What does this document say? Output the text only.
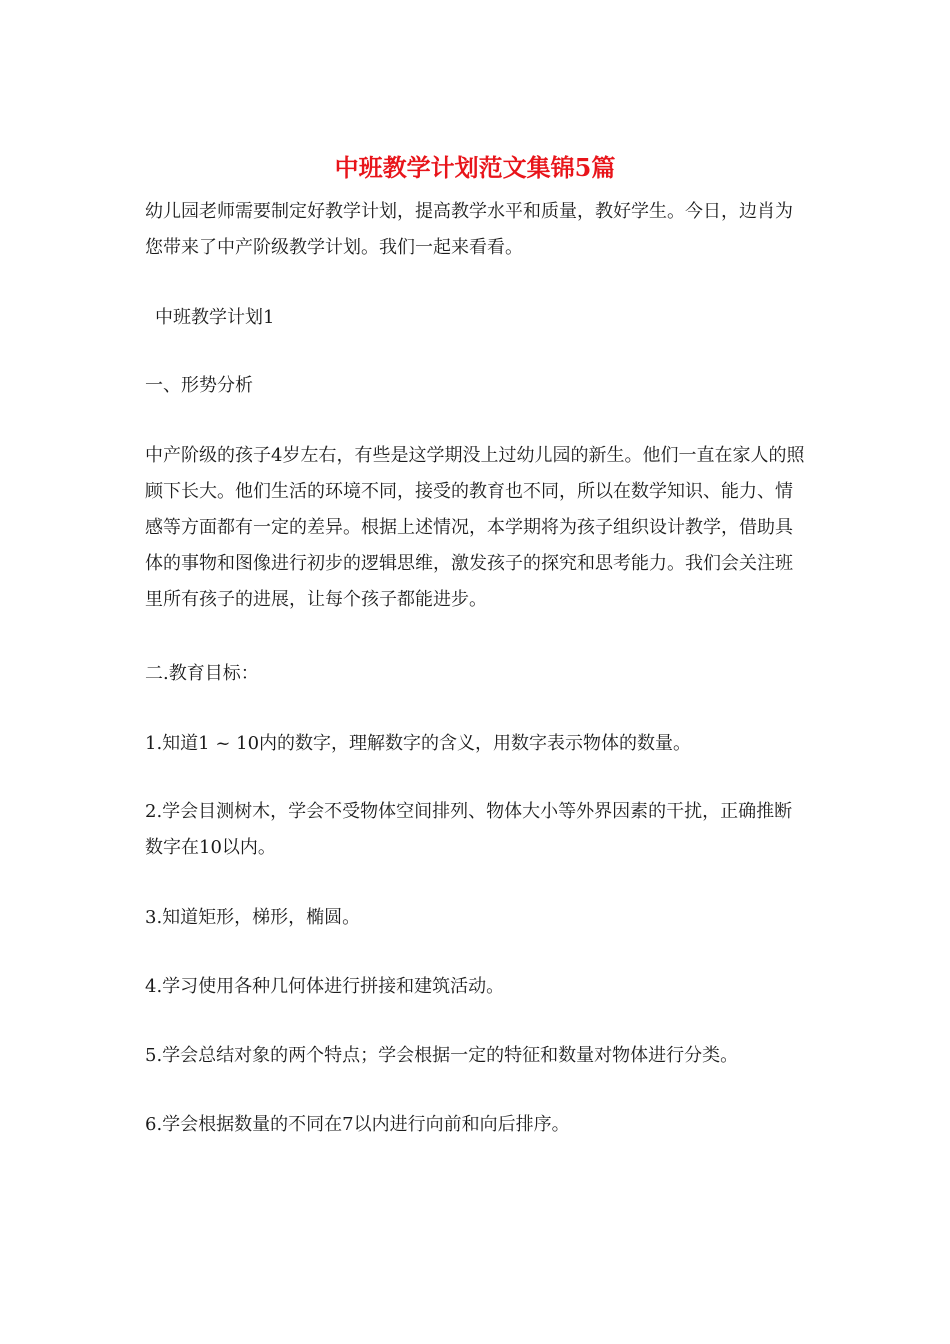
中班教学计划范文集锦5篇

幼儿园老师需要制定好教学计划，提高教学水平和质量，教好学生。今日，边肖为您带来了中产阶级教学计划。我们一起来看看。

中班教学计划1

一、形势分析

中产阶级的孩子4岁左右，有些是这学期没上过幼儿园的新生。他们一直在家人的照顾下长大。他们生活的环境不同，接受的教育也不同，所以在数学知识、能力、情感等方面都有一定的差异。根据上述情况，本学期将为孩子组织设计教学，借助具体的事物和图像进行初步的逻辑思维，激发孩子的探究和思考能力。我们会关注班里所有孩子的进展，让每个孩子都能进步。

二.教育目标：

1.知道1 ~ 10内的数字，理解数字的含义，用数字表示物体的数量。

2.学会目测树木，学会不受物体空间排列、物体大小等外界因素的干扰，正确推断数字在10以内。

3.知道矩形，梯形，椭圆。

4.学习使用各种几何体进行拼接和建筑活动。

5.学会总结对象的两个特点；学会根据一定的特征和数量对物体进行分类。

6.学会根据数量的不同在7以内进行向前和向后排序。
